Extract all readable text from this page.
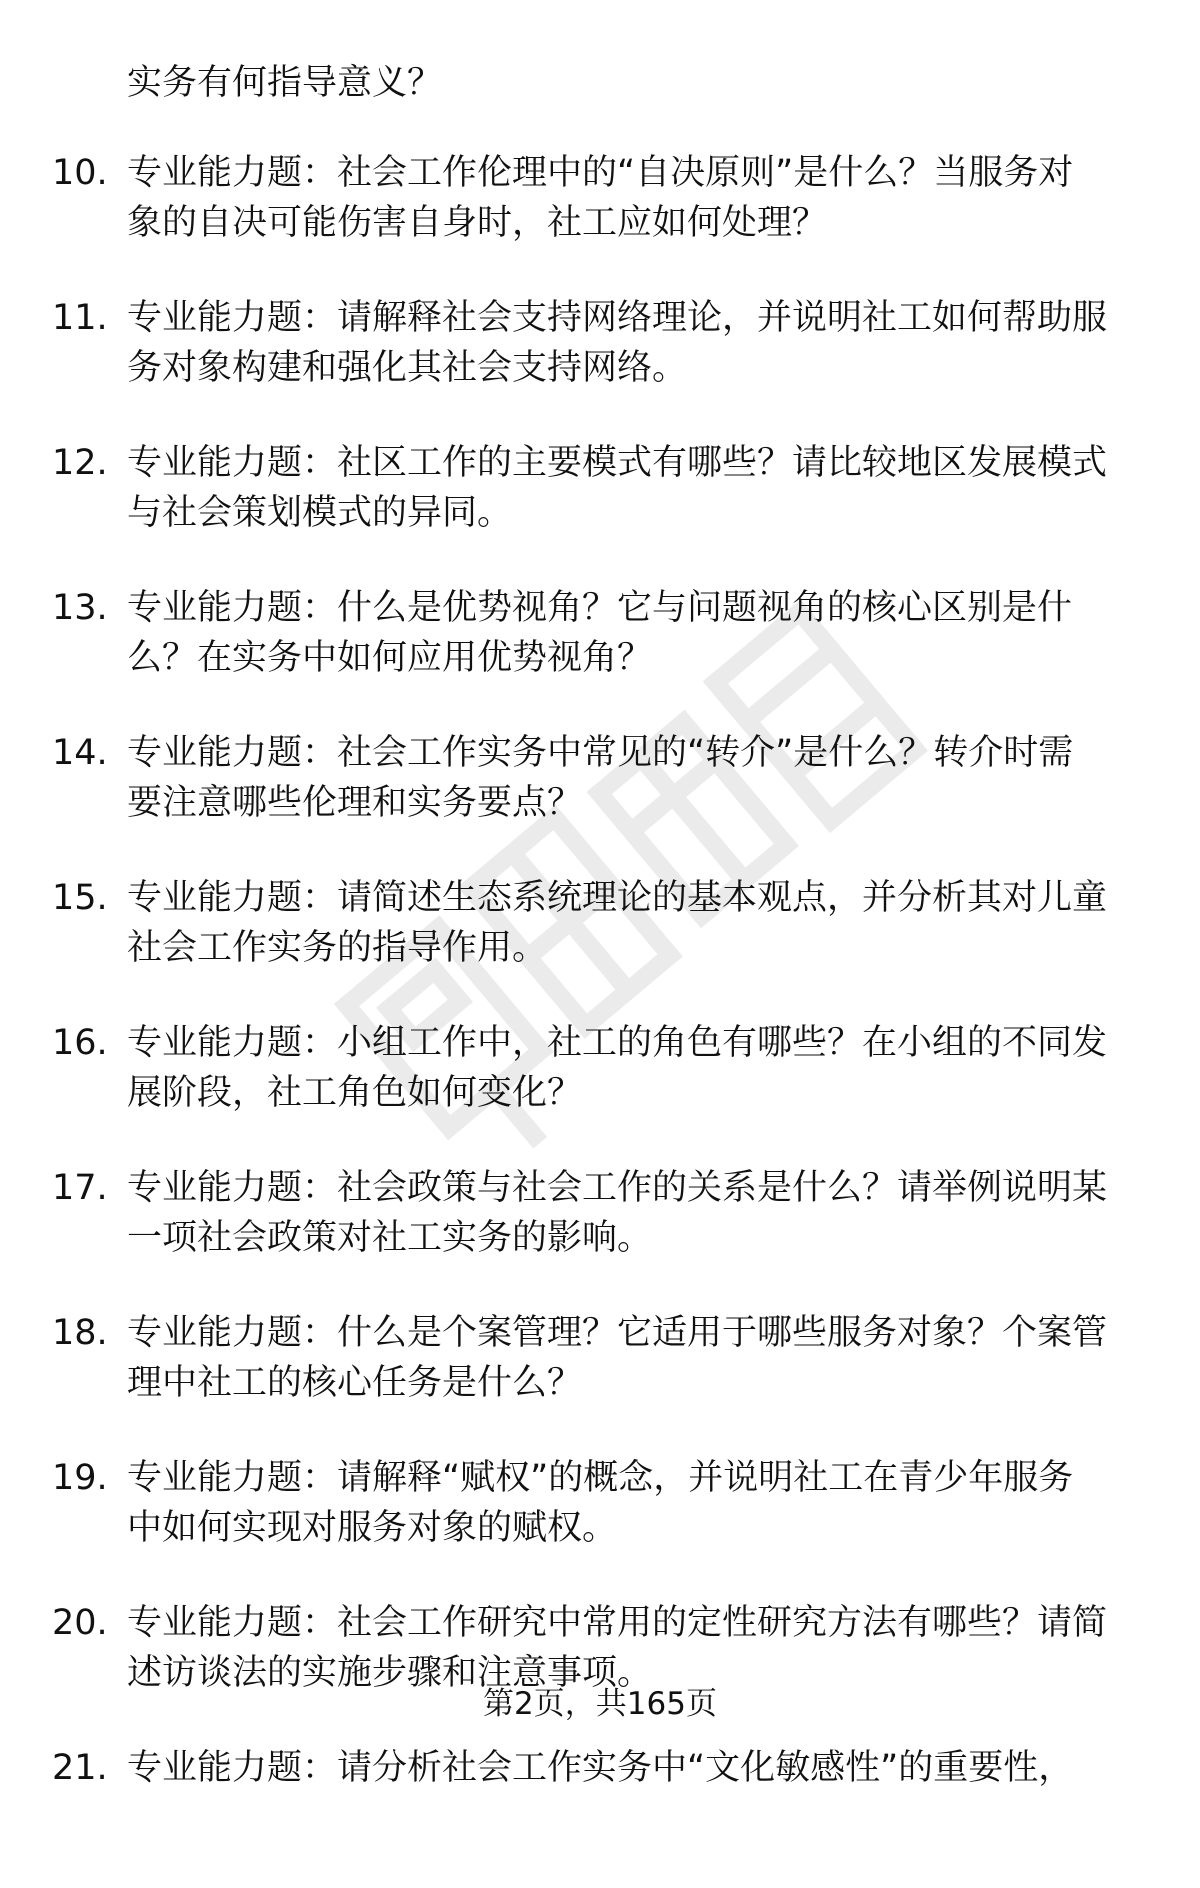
实务有何指导意义？
10. 专业能力题：社会工作伦理中的“自决原则”是什么？当服务对
象的自决可能伤害自身时，社工应如何处理？
11. 专业能力题：请解释社会支持网络理论，并说明社工如何帮助服
务对象构建和强化其社会支持网络。
12. 专业能力题：社区工作的主要模式有哪些？请比较地区发展模式
与社会策划模式的异同。
13. 专业能力题：什么是优势视角？它与问题视角的核心区别是什
么？在实务中如何应用优势视角？
14. 专业能力题：社会工作实务中常见的“转介”是什么？转介时需
要注意哪些伦理和实务要点？
15. 专业能力题：请简述生态系统理论的基本观点，并分析其对儿童
社会工作实务的指导作用。
16. 专业能力题：小组工作中，社工的角色有哪些？在小组的不同发
展阶段，社工角色如何变化？
17. 专业能力题：社会政策与社会工作的关系是什么？请举例说明某
一项社会政策对社工实务的影响。
18. 专业能力题：什么是个案管理？它适用于哪些服务对象？个案管
理中社工的核心任务是什么？
19. 专业能力题：请解释“赋权”的概念，并说明社工在青少年服务
中如何实现对服务对象的赋权。
20. 专业能力题：社会工作研究中常用的定性研究方法有哪些？请简
述访谈法的实施步骤和注意事项。
21. 专业能力题：请分析社会工作实务中“文化敏感性”的重要性，
第2页，共165页
